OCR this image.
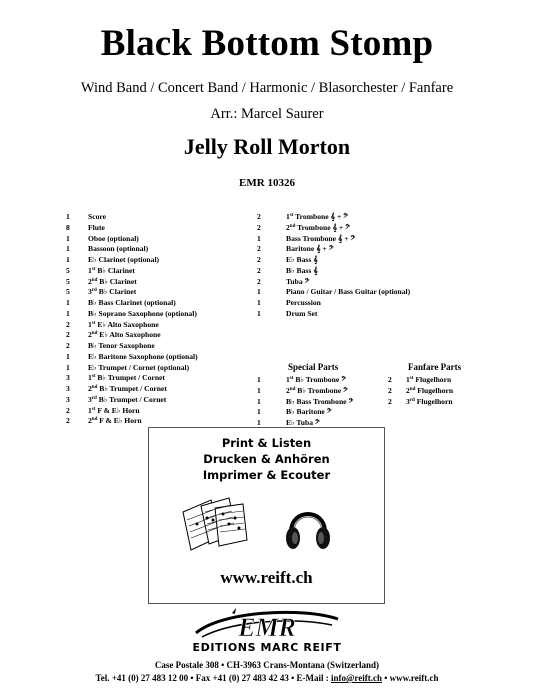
Black Bottom Stomp
Wind Band / Concert Band / Harmonic / Blasorchester / Fanfare
Arr.: Marcel Saurer
Jelly Roll Morton
EMR 10326
1	Score
8	Flute
1	Oboe (optional)
1	Bassoon (optional)
1	E♭ Clarinet (optional)
5	1st B♭ Clarinet
5	2nd B♭ Clarinet
5	3rd B♭ Clarinet
1	B♭ Bass Clarinet (optional)
1	B♭ Soprano Saxophone (optional)
2	1st E♭ Alto Saxophone
2	2nd E♭ Alto Saxophone
2	B♭ Tenor Saxophone
1	E♭ Baritone Saxophone (optional)
1	E♭ Trumpet / Cornet (optional)
3	1st B♭ Trumpet / Cornet
3	2nd B♭ Trumpet / Cornet
3	3rd B♭ Trumpet / Cornet
2	1st F & E♭ Horn
2	2nd F & E♭ Horn
2	1st Trombone 𝄞 + 𝄢
2	2nd Trombone 𝄞 + 𝄢
1	Bass Trombone 𝄞 + 𝄢
2	Baritone 𝄞 + 𝄢
2	E♭ Bass 𝄞
2	B♭ Bass 𝄞
2	Tuba 𝄢
1	Piano / Guitar / Bass Guitar (optional)
1	Percussion
1	Drum Set
Special Parts
1	1st B♭ Trombone 𝄢
1	2nd B♭ Trombone 𝄢
1	B♭ Bass Trombone 𝄢
1	B♭ Baritone 𝄢
1	E♭ Tuba 𝄢
Fanfare Parts
2	1st Flugelhorn
2	2nd Flugelhorn
2	3rd Flugelhorn
Print & Listen
Drucken & Anhören
Imprimer & Ecouter
www.reift.ch
EMR
EDITIONS MARC REIFT
Case Postale 308 • CH-3963 Crans-Montana (Switzerland)
Tel. +41 (0) 27 483 12 00 • Fax +41 (0) 27 483 42 43 • E-Mail : info@reift.ch • www.reift.ch
